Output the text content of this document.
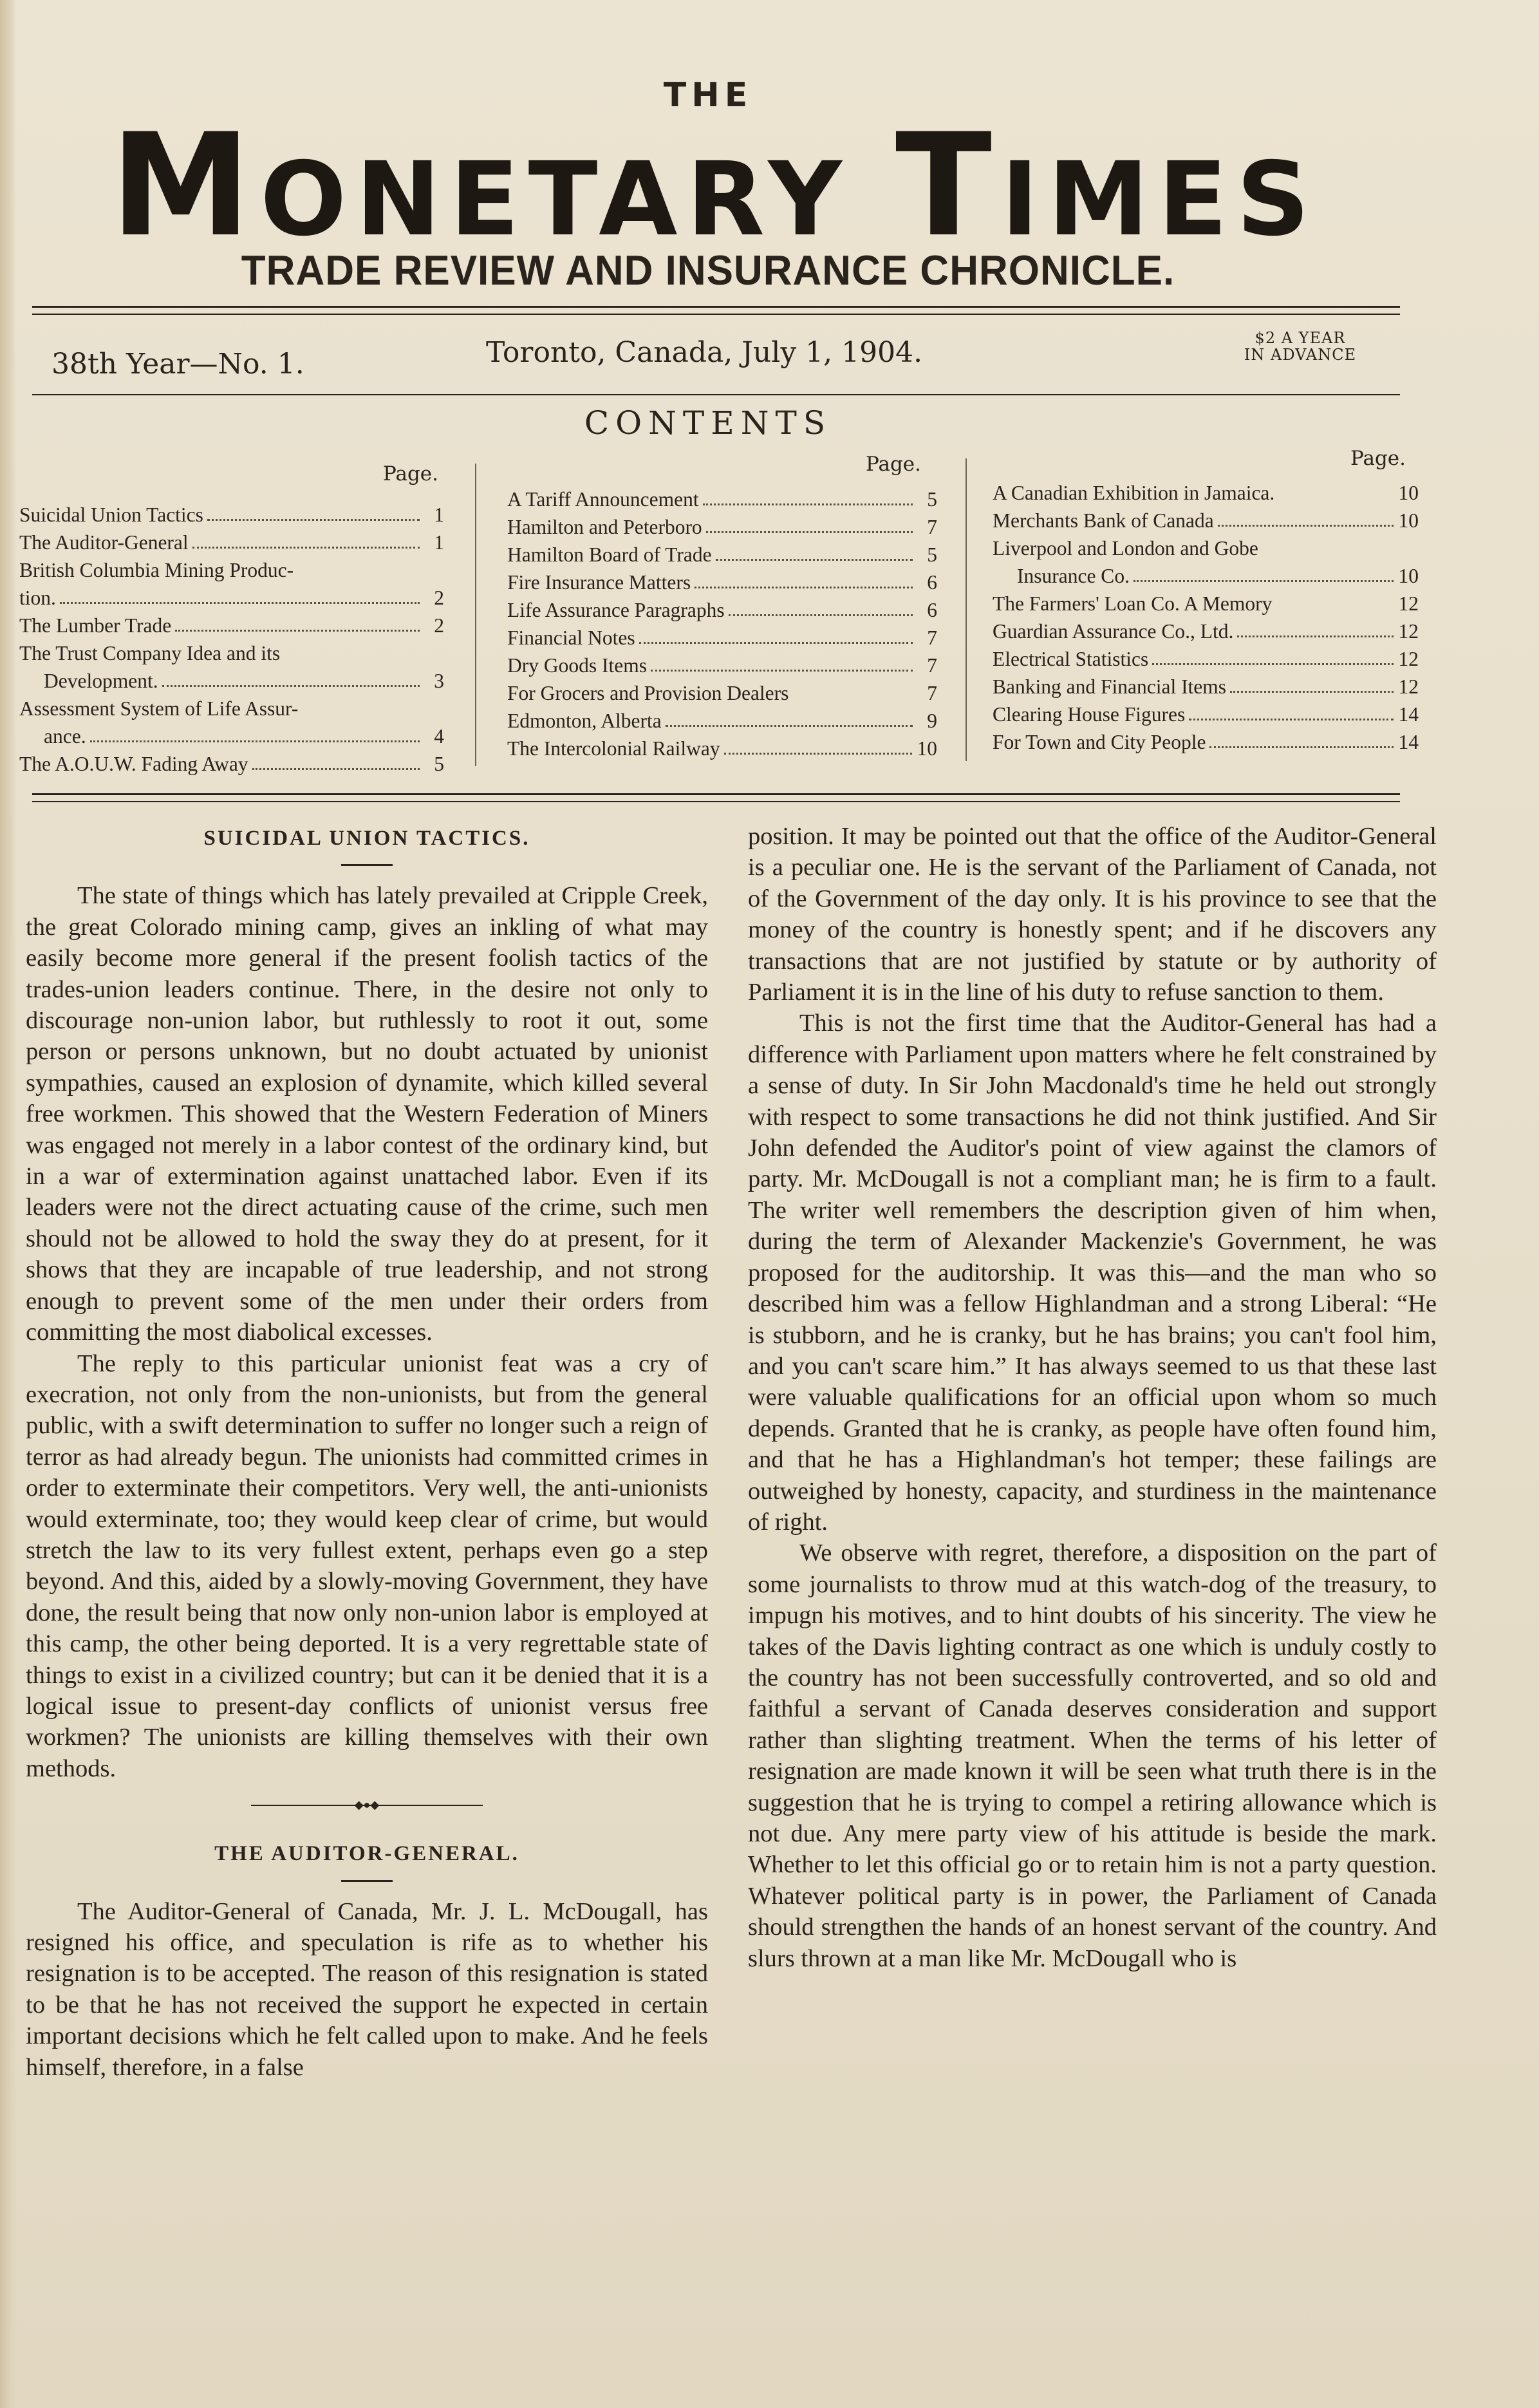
THE
MONETARY TIMES
TRADE REVIEW AND INSURANCE CHRONICLE.
38th Year—No. 1.	Toronto, Canada, July 1, 1904.	$2 A YEAR
IN ADVANCE
CONTENTS
Page.
Suicidal Union Tactics	1
The Auditor-General	1
British Columbia Mining Produc-
tion.	2
The Lumber Trade	2
The Trust Company Idea and its
Development.	3
Assessment System of Life Assur-
ance.	4
The A.O.U.W. Fading Away	5
Page.
A Tariff Announcement	5
Hamilton and Peterboro	7
Hamilton Board of Trade	5
Fire Insurance Matters	6
Life Assurance Paragraphs	6
Financial Notes	7
Dry Goods Items	7
For Grocers and Provision Dealers	7
Edmonton, Alberta	9
The Intercolonial Railway	10
Page.
A Canadian Exhibition in Jamaica.	10
Merchants Bank of Canada	10
Liverpool and London and Gobe
Insurance Co.	10
The Farmers' Loan Co. A Memory	12
Guardian Assurance Co., Ltd.	12
Electrical Statistics	12
Banking and Financial Items	12
Clearing House Figures	14
For Town and City People	14
SUICIDAL UNION TACTICS.

The state of things which has lately prevailed at Cripple Creek, the great Colorado mining camp, gives an inkling of what may easily become more general if the present foolish tactics of the trades-union leaders continue. There, in the desire not only to discourage non-union labor, but ruthlessly to root it out, some person or persons unknown, but no doubt actuated by unionist sympathies, caused an explosion of dynamite, which killed several free workmen. This showed that the Western Federation of Miners was engaged not merely in a labor contest of the ordinary kind, but in a war of extermination against unattached labor. Even if its leaders were not the direct actuating cause of the crime, such men should not be allowed to hold the sway they do at present, for it shows that they are incapable of true leadership, and not strong enough to prevent some of the men under their orders from committing the most diabolical excesses.

The reply to this particular unionist feat was a cry of execration, not only from the non-unionists, but from the general public, with a swift determination to suffer no longer such a reign of terror as had already begun. The unionists had committed crimes in order to exterminate their competitors. Very well, the anti-unionists would exterminate, too; they would keep clear of crime, but would stretch the law to its very fullest extent, perhaps even go a step beyond. And this, aided by a slowly-moving Government, they have done, the result being that now only non-union labor is employed at this camp, the other being deported. It is a very regrettable state of things to exist in a civilized country; but can it be denied that it is a logical issue to present-day conflicts of unionist versus free workmen? The unionists are killing themselves with their own methods.

◆●◆
THE AUDITOR-GENERAL.

The Auditor-General of Canada, Mr. J. L. McDougall, has resigned his office, and speculation is rife as to whether his resignation is to be accepted. The reason of this resignation is stated to be that he has not received the support he expected in certain important decisions which he felt called upon to make. And he feels himself, therefore, in a false

position. It may be pointed out that the office of the Auditor-General is a peculiar one. He is the servant of the Parliament of Canada, not of the Government of the day only. It is his province to see that the money of the country is honestly spent; and if he discovers any transactions that are not justified by statute or by authority of Parliament it is in the line of his duty to refuse sanction to them.

This is not the first time that the Auditor-General has had a difference with Parliament upon matters where he felt constrained by a sense of duty. In Sir John Macdonald's time he held out strongly with respect to some transactions he did not think justified. And Sir John defended the Auditor's point of view against the clamors of party. Mr. McDougall is not a compliant man; he is firm to a fault. The writer well remembers the description given of him when, during the term of Alexander Mackenzie's Government, he was proposed for the auditorship. It was this—and the man who so described him was a fellow Highlandman and a strong Liberal: “He is stubborn, and he is cranky, but he has brains; you can't fool him, and you can't scare him.” It has always seemed to us that these last were valuable qualifications for an official upon whom so much depends. Granted that he is cranky, as people have often found him, and that he has a Highlandman's hot temper; these failings are outweighed by honesty, capacity, and sturdiness in the maintenance of right.

We observe with regret, therefore, a disposition on the part of some journalists to throw mud at this watch-dog of the treasury, to impugn his motives, and to hint doubts of his sincerity. The view he takes of the Davis lighting contract as one which is unduly costly to the country has not been successfully controverted, and so old and faithful a servant of Canada deserves consideration and support rather than slighting treatment. When the terms of his letter of resignation are made known it will be seen what truth there is in the suggestion that he is trying to compel a retiring allowance which is not due. Any mere party view of his attitude is beside the mark. Whether to let this official go or to retain him is not a party question. Whatever political party is in power, the Parliament of Canada should strengthen the hands of an honest servant of the country. And slurs thrown at a man like Mr. McDougall who is
